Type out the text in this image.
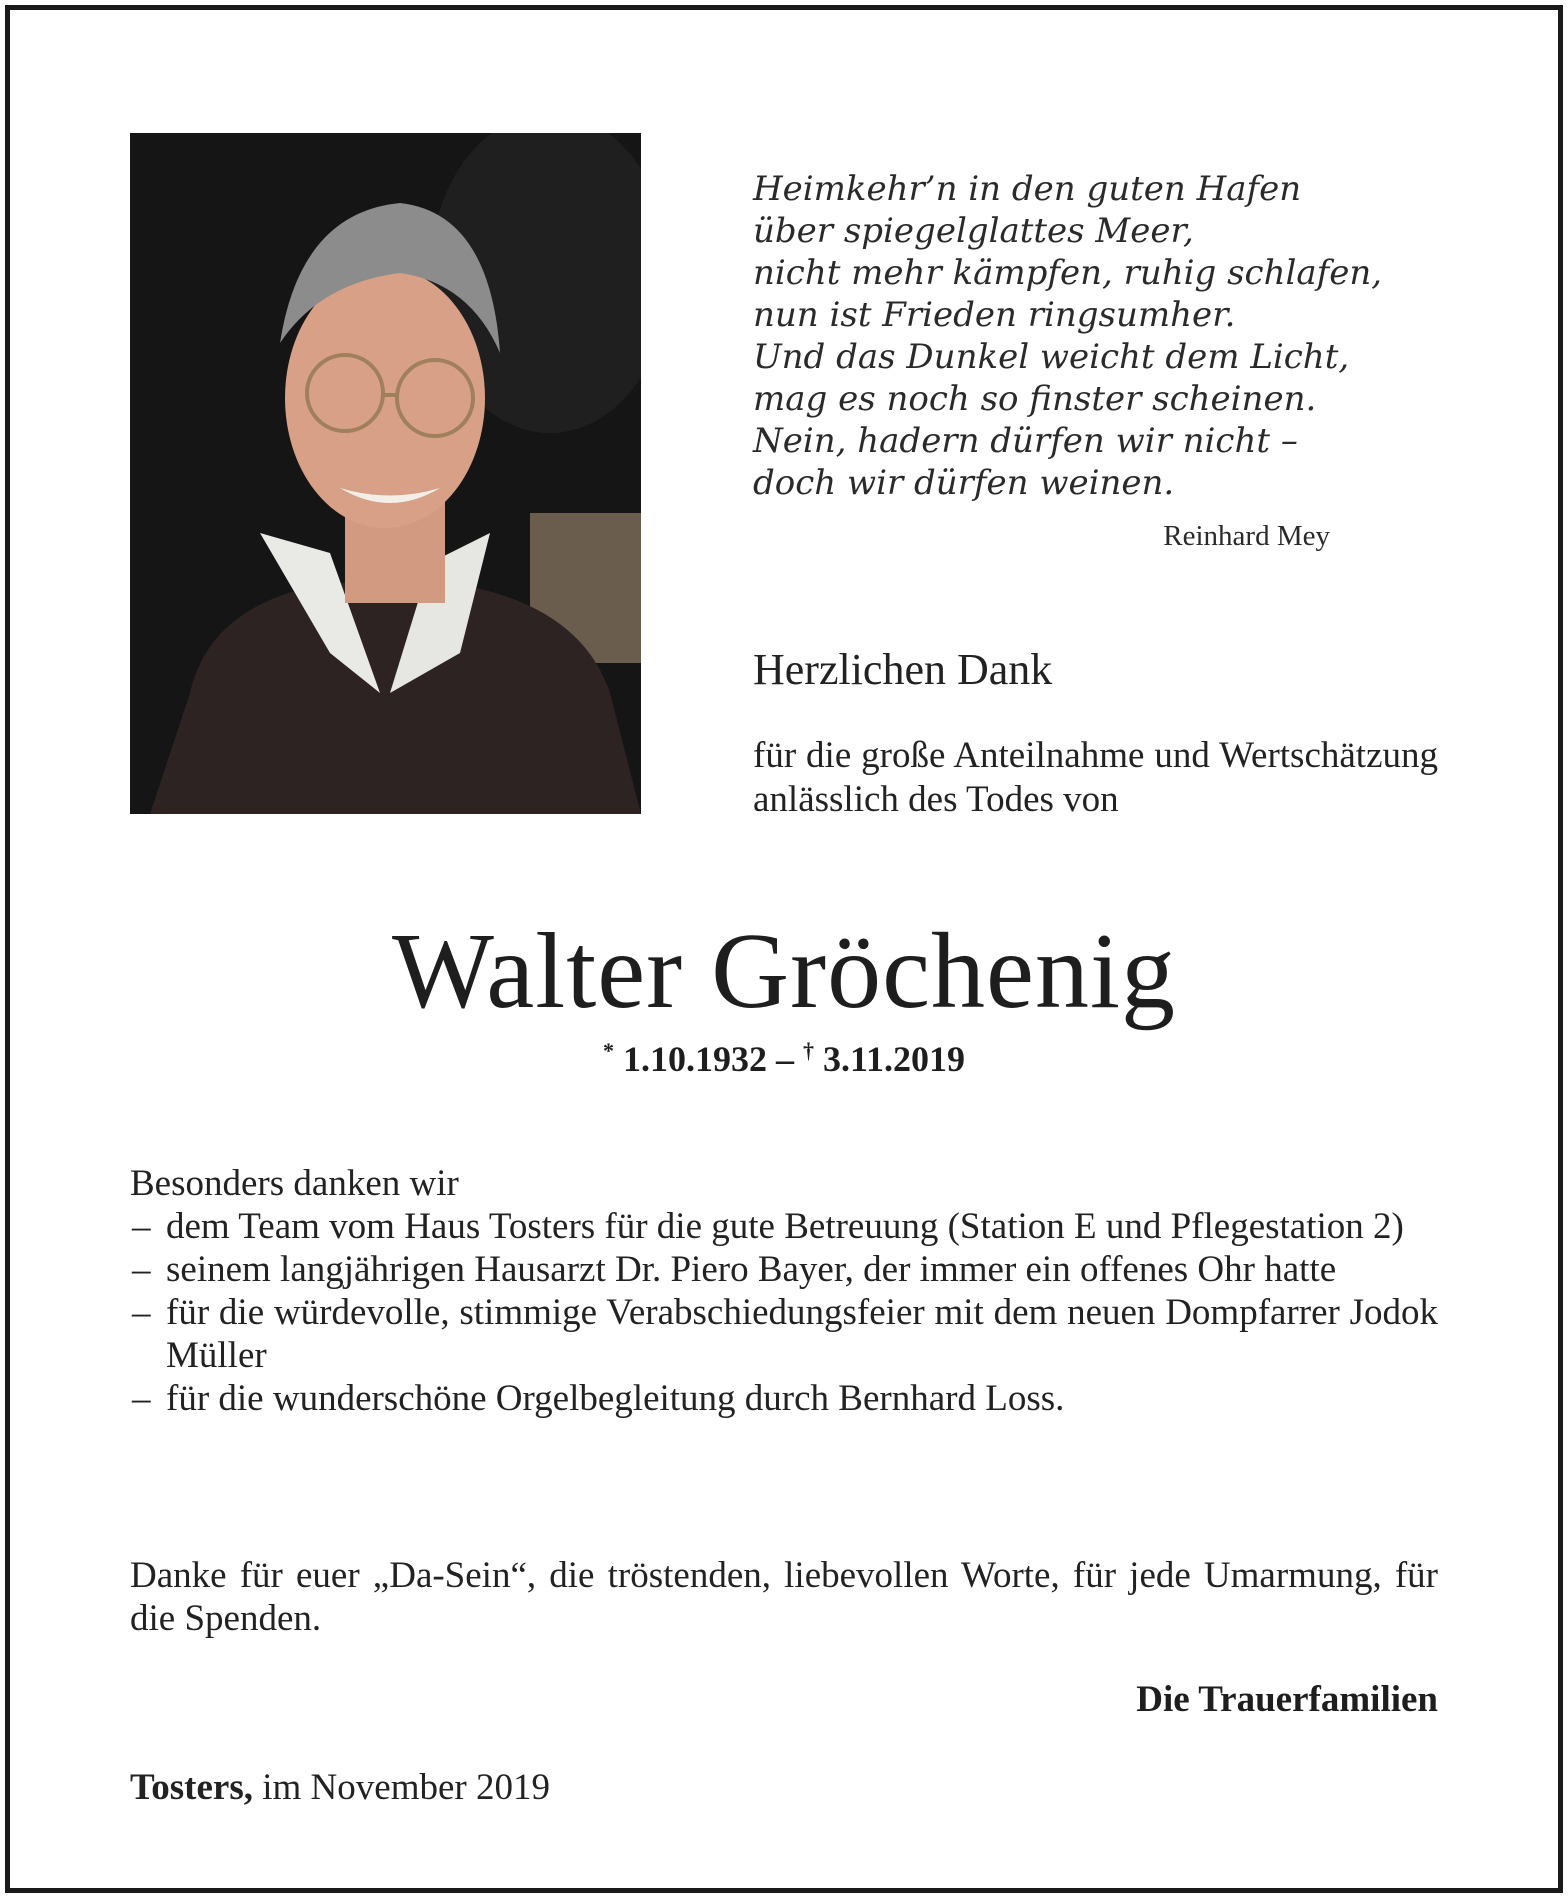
Heimkehr’n in den guten Hafen
über spiegelglattes Meer,
nicht mehr kämpfen, ruhig schlafen,
nun ist Frieden ringsumher.
Und das Dunkel weicht dem Licht,
mag es noch so finster scheinen.
Nein, hadern dürfen wir nicht –
doch wir dürfen weinen.
Reinhard Mey
Herzlichen Dank
für die große Anteilnahme und Wertschätzung anlässlich des Todes von
Walter Gröchenig
* 1.10.1932 – † 3.11.2019
Besonders danken wir
– dem Team vom Haus Tosters für die gute Betreuung (Station E und Pflegestation 2)
– seinem langjährigen Hausarzt Dr. Piero Bayer, der immer ein offenes Ohr hatte
– für die würdevolle, stimmige Verabschiedungsfeier mit dem neuen Dompfarrer Jodok Müller
– für die wunderschöne Orgelbegleitung durch Bernhard Loss.
Danke für euer „Da-Sein“, die tröstenden, liebevollen Worte, für jede Umarmung, für die Spenden.
Die Trauerfamilien
Tosters, im November 2019
